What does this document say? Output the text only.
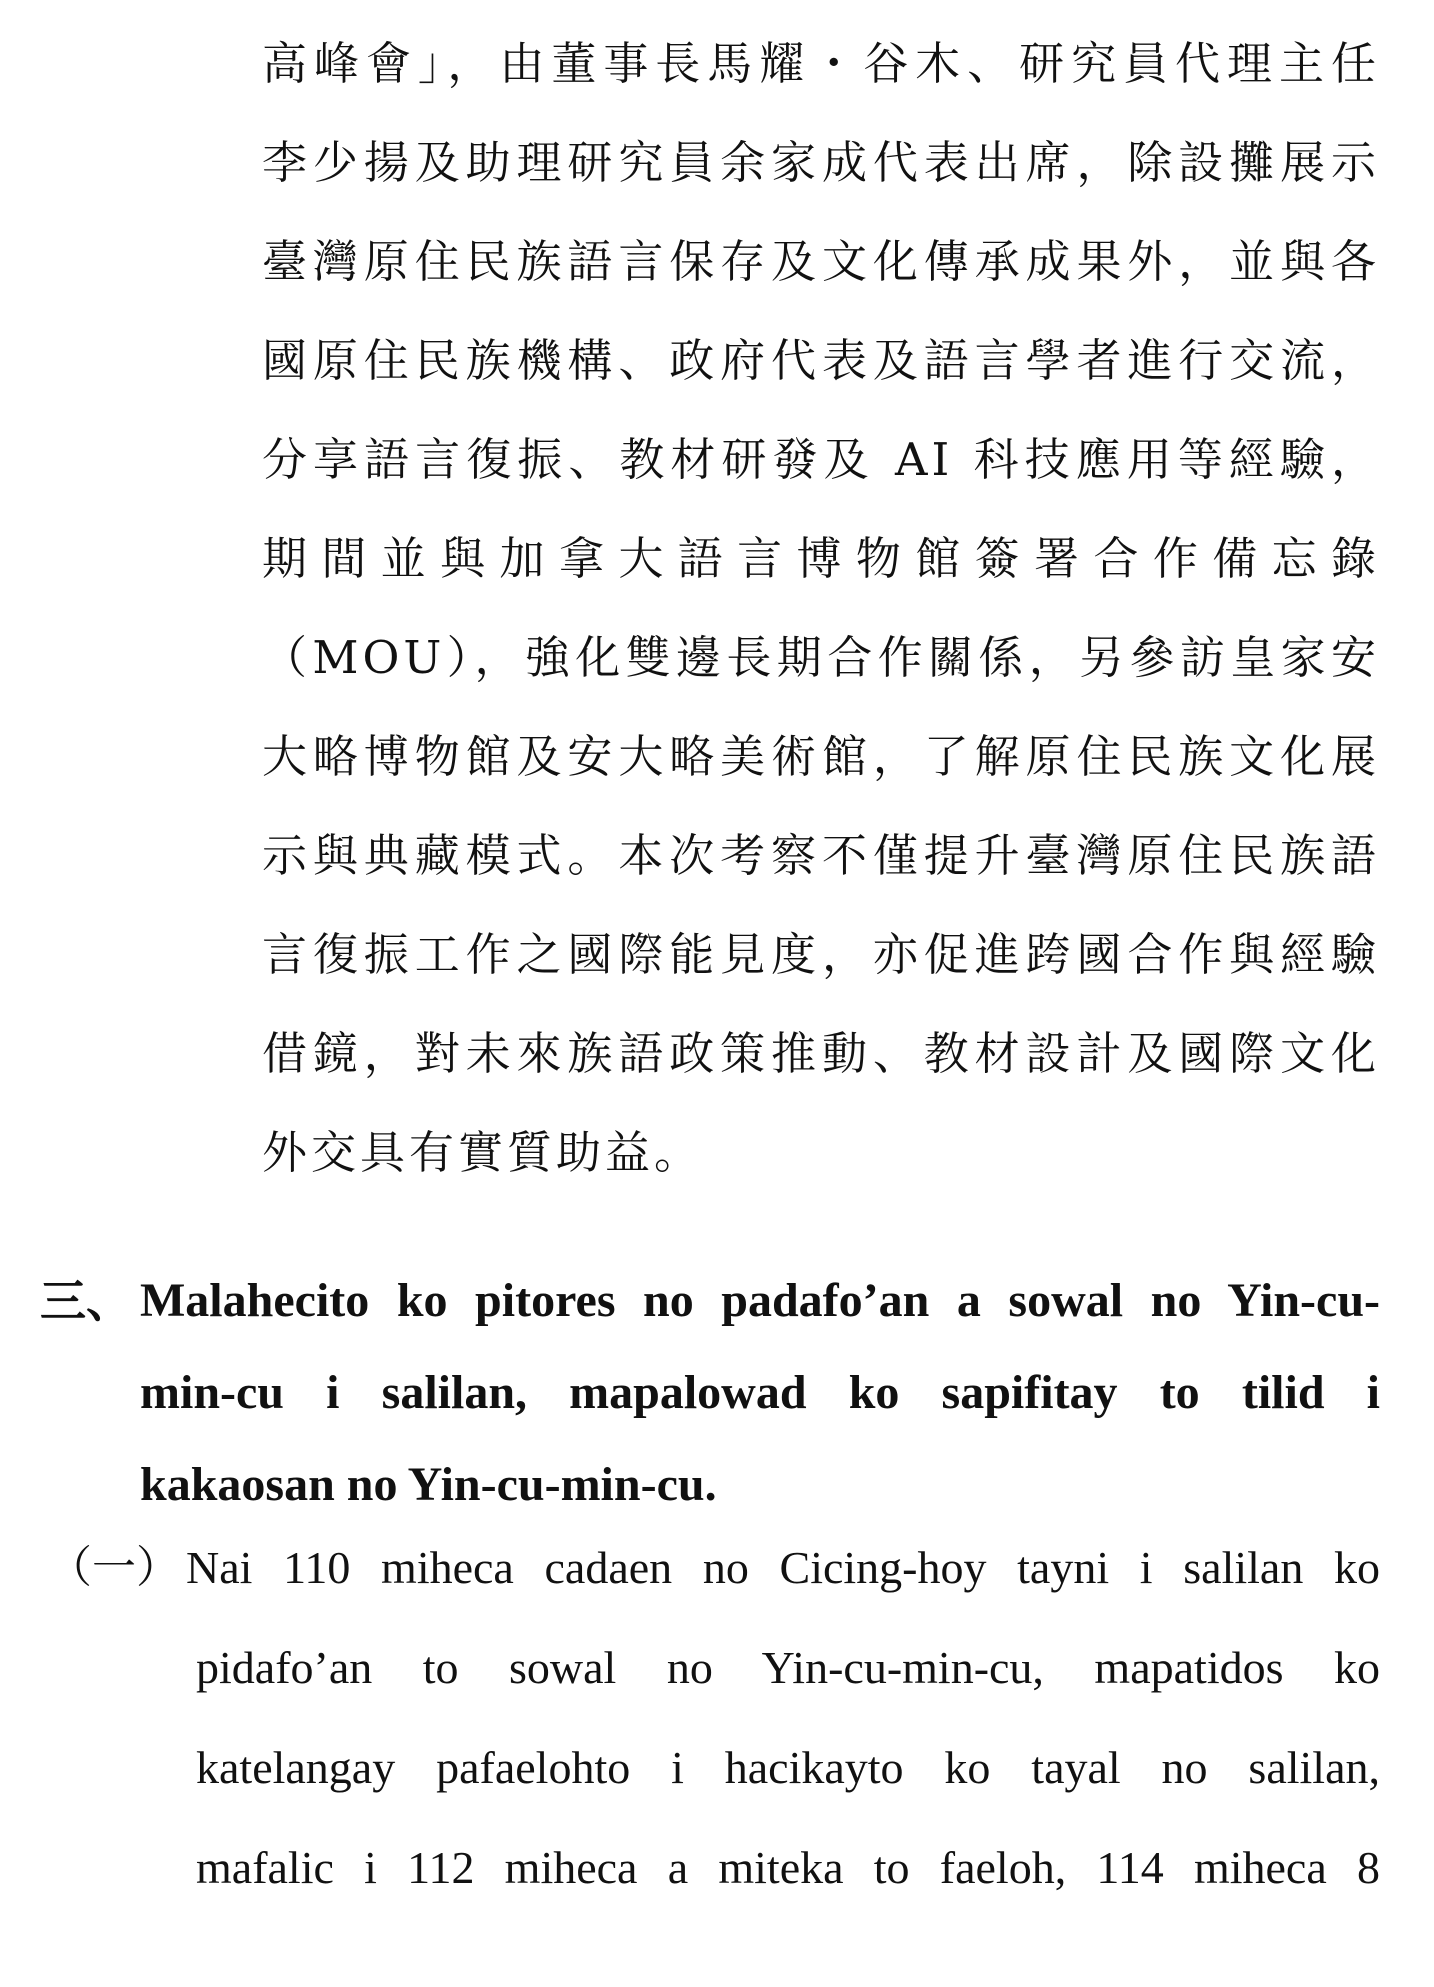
高峰會」，由董事長馬耀・谷木、研究員代理主任
李少揚及助理研究員余家成代表出席，除設攤展示
臺灣原住民族語言保存及文化傳承成果外，並與各
國原住民族機構、政府代表及語言學者進行交流，
分享語言復振、教材研發及 AI 科技應用等經驗，
期間並與加拿大語言博物館簽署合作備忘錄
（MOU），強化雙邊長期合作關係，另參訪皇家安
大略博物館及安大略美術館，了解原住民族文化展
示與典藏模式。本次考察不僅提升臺灣原住民族語
言復振工作之國際能見度，亦促進跨國合作與經驗
借鏡，對未來族語政策推動、教材設計及國際文化
外交具有實質助益。
三、 Malahecito ko pitores no padafo’an a sowal no Yin-cu-
min-cu i salilan, mapalowad ko sapifitay to tilid i
kakaosan no Yin-cu-min-cu.
（一） Nai 110 miheca cadaen no Cicing-hoy tayni i salilan ko
pidafo’an to sowal no Yin-cu-min-cu, mapatidos ko
katelangay pafaelohto i hacikayto ko tayal no salilan,
mafalic i 112 miheca a miteka to faeloh, 114 miheca 8
